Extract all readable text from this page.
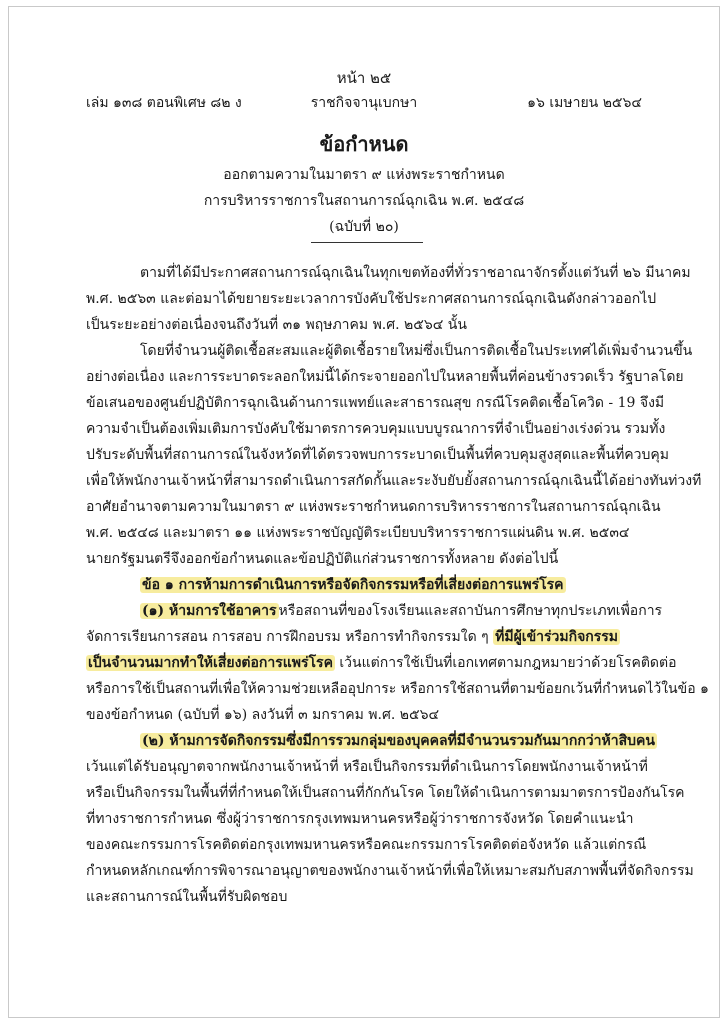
หน้า ๒๕
เล่ม ๑๓๘ ตอนพิเศษ ๘๒ ง	ราชกิจจานุเบกษา	๑๖ เมษายน ๒๕๖๔
ข้อกำหนด
ออกตามความในมาตรา ๙ แห่งพระราชกำหนด
การบริหารราชการในสถานการณ์ฉุกเฉิน พ.ศ. ๒๕๔๘
(ฉบับที่ ๒๐)
ตามที่ได้มีประกาศสถานการณ์ฉุกเฉินในทุกเขตท้องที่ทั่วราชอาณาจักรตั้งแต่วันที่ ๒๖ มีนาคม
พ.ศ. ๒๕๖๓ และต่อมาได้ขยายระยะเวลาการบังคับใช้ประกาศสถานการณ์ฉุกเฉินดังกล่าวออกไป
เป็นระยะอย่างต่อเนื่องจนถึงวันที่ ๓๑ พฤษภาคม พ.ศ. ๒๕๖๔ นั้น
โดยที่จำนวนผู้ติดเชื้อสะสมและผู้ติดเชื้อรายใหม่ซึ่งเป็นการติดเชื้อในประเทศได้เพิ่มจำนวนขึ้น
อย่างต่อเนื่อง และการระบาดระลอกใหม่นี้ได้กระจายออกไปในหลายพื้นที่ค่อนข้างรวดเร็ว รัฐบาลโดย
ข้อเสนอของศูนย์ปฏิบัติการฉุกเฉินด้านการแพทย์และสาธารณสุข กรณีโรคติดเชื้อโควิด - 19 จึงมี
ความจำเป็นต้องเพิ่มเติมการบังคับใช้มาตรการควบคุมแบบบูรณาการที่จำเป็นอย่างเร่งด่วน รวมทั้ง
ปรับระดับพื้นที่สถานการณ์ในจังหวัดที่ได้ตรวจพบการระบาดเป็นพื้นที่ควบคุมสูงสุดและพื้นที่ควบคุม
เพื่อให้พนักงานเจ้าหน้าที่สามารถดำเนินการสกัดกั้นและระงับยับยั้งสถานการณ์ฉุกเฉินนี้ได้อย่างทันท่วงที
อาศัยอำนาจตามความในมาตรา ๙ แห่งพระราชกำหนดการบริหารราชการในสถานการณ์ฉุกเฉิน
พ.ศ. ๒๕๔๘ และมาตรา ๑๑ แห่งพระราชบัญญัติระเบียบบริหารราชการแผ่นดิน พ.ศ. ๒๕๓๔
นายกรัฐมนตรีจึงออกข้อกำหนดและข้อปฏิบัติแก่ส่วนราชการทั้งหลาย ดังต่อไปนี้
ข้อ ๑ การห้ามการดำเนินการหรือจัดกิจกรรมหรือที่เสี่ยงต่อการแพร่โรค
(๑) ห้ามการใช้อาคาร หรือสถานที่ของโรงเรียนและสถาบันการศึกษาทุกประเภทเพื่อการ
จัดการเรียนการสอน การสอบ การฝึกอบรม หรือการทำกิจกรรมใด ๆ ที่มีผู้เข้าร่วมกิจกรรม
เป็นจำนวนมากทำให้เสี่ยงต่อการแพร่โรค เว้นแต่การใช้เป็นที่เอกเทศตามกฎหมายว่าด้วยโรคติดต่อ
หรือการใช้เป็นสถานที่เพื่อให้ความช่วยเหลืออุปการะ หรือการใช้สถานที่ตามข้อยกเว้นที่กำหนดไว้ในข้อ ๑
ของข้อกำหนด (ฉบับที่ ๑๖) ลงวันที่ ๓ มกราคม พ.ศ. ๒๕๖๔
(๒) ห้ามการจัดกิจกรรมซึ่งมีการรวมกลุ่มของบุคคลที่มีจำนวนรวมกันมากกว่าห้าสิบคน
เว้นแต่ได้รับอนุญาตจากพนักงานเจ้าหน้าที่ หรือเป็นกิจกรรมที่ดำเนินการโดยพนักงานเจ้าหน้าที่
หรือเป็นกิจกรรมในพื้นที่ที่กำหนดให้เป็นสถานที่กักกันโรค โดยให้ดำเนินการตามมาตรการป้องกันโรค
ที่ทางราชการกำหนด ซึ่งผู้ว่าราชการกรุงเทพมหานครหรือผู้ว่าราชการจังหวัด โดยคำแนะนำ
ของคณะกรรมการโรคติดต่อกรุงเทพมหานครหรือคณะกรรมการโรคติดต่อจังหวัด แล้วแต่กรณี
กำหนดหลักเกณฑ์การพิจารณาอนุญาตของพนักงานเจ้าหน้าที่เพื่อให้เหมาะสมกับสภาพพื้นที่จัดกิจกรรม
และสถานการณ์ในพื้นที่รับผิดชอบ
